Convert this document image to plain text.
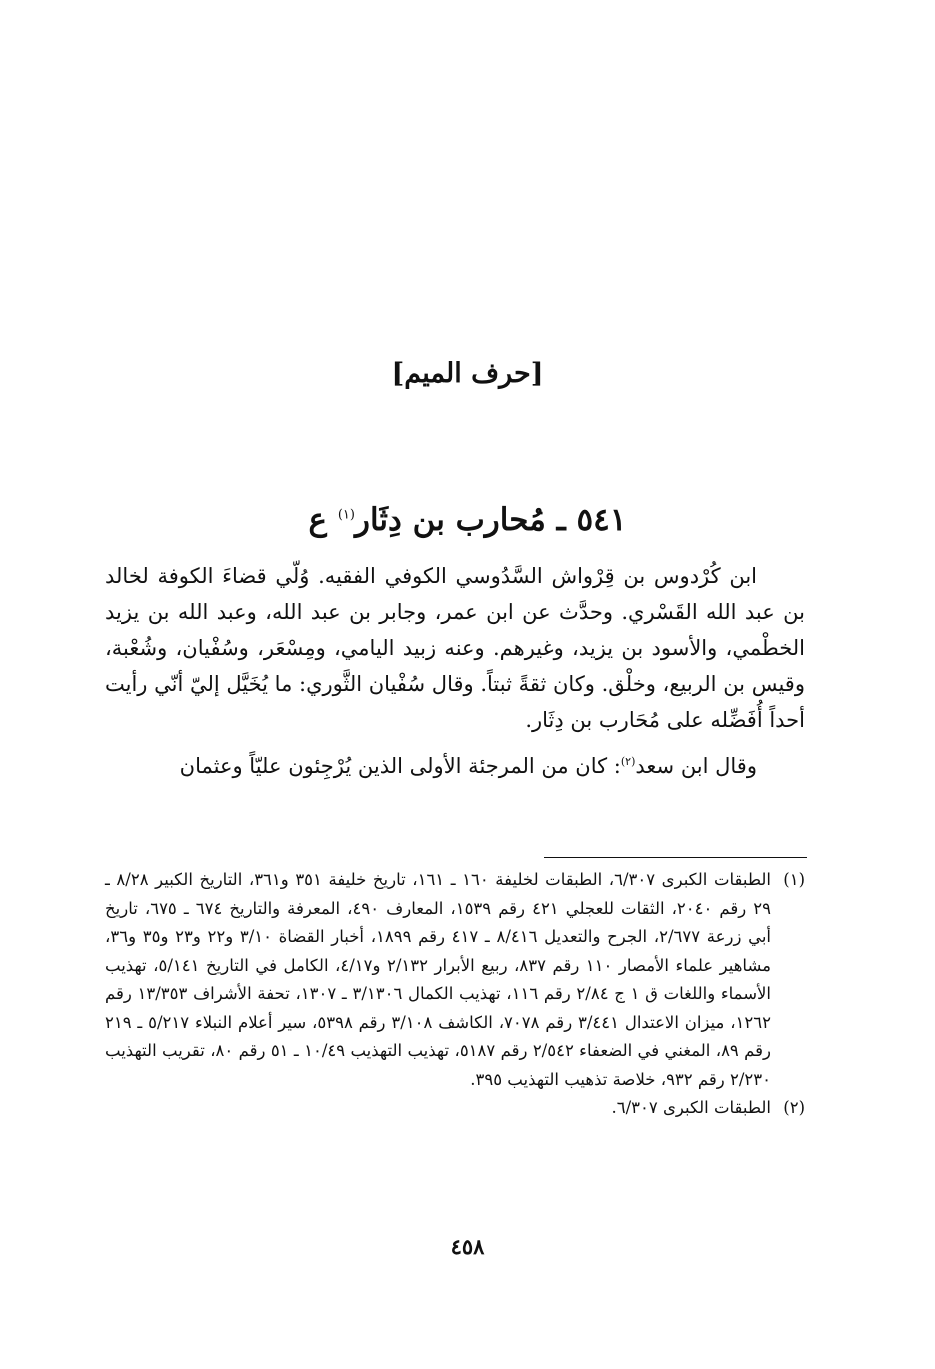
[حرف الميم]
٥٤١ ـ مُحارب بن دِثَار$^{(١)}$ ع

ابن كُرْدوس بن قِرْواش السَّدُوسي الكوفي الفقيه. وُلّي قضاءَ الكوفة لخالد بن عبد الله القَسْري. وحدَّث عن ابن عمر، وجابر بن عبد الله، وعبد الله بن يزيد الخطْمي، والأسود بن يزيد، وغيرهم. وعنه زبيد اليامي، ومِسْعَر، وسُفْيان، وشُعْبة، وقيس بن الربيع، وخلْق. وكان ثقةً ثبتاً. وقال سُفْيان الثَّوري: ما يُخَيَّل إليّ أنّي رأيت أحداً أُفَضِّله على مُحَارب بن دِثَار.

وقال ابن سعد$^{(٢)}$: كان من المرجئة الأولى الذين يُرْجِئون عليّاً وعثمان

(١)
الطبقات الكبرى ٦/٣٠٧، الطبقات لخليفة ١٦٠ ـ ١٦١، تاريخ خليفة ٣٥١ و٣٦١، التاريخ الكبير ٨/٢٨ ـ ٢٩ رقم ٢٠٤٠، الثقات للعجلي ٤٢١ رقم ١٥٣٩، المعارف ٤٩٠، المعرفة والتاريخ ٦٧٤ ـ ٦٧٥، تاريخ أبي زرعة ٢/٦٧٧، الجرح والتعديل ٨/٤١٦ ـ ٤١٧ رقم ١٨٩٩، أخبار القضاة ٣/١٠ و٢٢ و٢٣ و٣٥ و٣٦، مشاهير علماء الأمصار ١١٠ رقم ٨٣٧، ربيع الأبرار ٢/١٣٢ و٤/١٧، الكامل في التاريخ ٥/١٤١، تهذيب الأسماء واللغات ق ١ ج ٢/٨٤ رقم ١١٦، تهذيب الكمال ٣/١٣٠٦ ـ ١٣٠٧، تحفة الأشراف ١٣/٣٥٣ رقم ١٢٦٢، ميزان الاعتدال ٣/٤٤١ رقم ٧٠٧٨، الكاشف ٣/١٠٨ رقم ٥٣٩٨، سير أعلام النبلاء ٥/٢١٧ ـ ٢١٩ رقم ٨٩، المغني في الضعفاء ٢/٥٤٢ رقم ٥١٨٧، تهذيب التهذيب ١٠/٤٩ ـ ٥١ رقم ٨٠، تقريب التهذيب ٢/٢٣٠ رقم ٩٣٢، خلاصة تذهيب التهذيب ٣٩٥.
(٢)
الطبقات الكبرى ٦/٣٠٧.
٤٥٨
